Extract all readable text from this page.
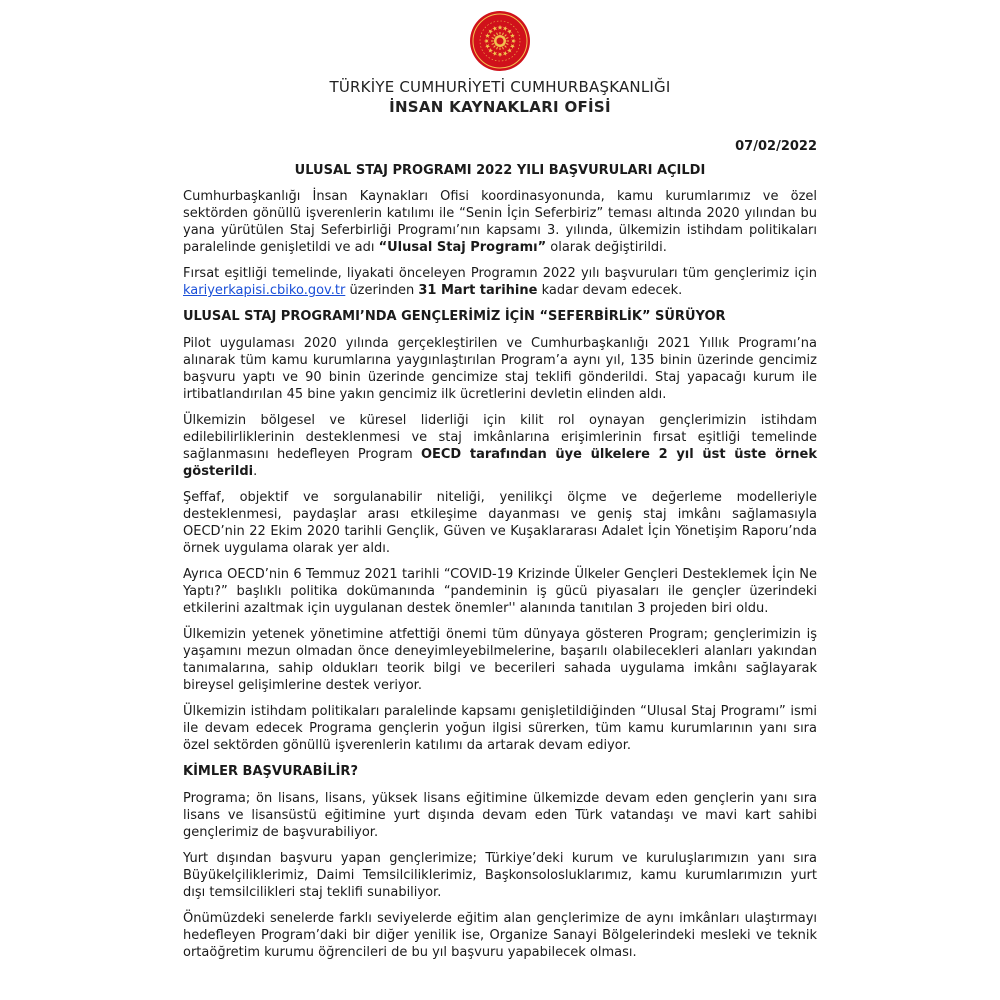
TÜRKİYE CUMHURİYETİ CUMHURBAŞKANLIĞI
İNSAN KAYNAKLARI OFİSİ
07/02/2022
ULUSAL STAJ PROGRAMI 2022 YILI BAŞVURULARI AÇILDI

Cumhurbaşkanlığı İnsan Kaynakları Ofisi koordinasyonunda, kamu kurumlarımız ve özel sektörden gönüllü işverenlerin katılımı ile “Senin İçin Seferbiriz” teması altında 2020 yılından bu yana yürütülen Staj Seferbirliği Programı’nın kapsamı 3. yılında, ülkemizin istihdam politikaları paralelinde genişletildi ve adı “Ulusal Staj Programı” olarak değiştirildi.

Fırsat eşitliği temelinde, liyakati önceleyen Programın 2022 yılı başvuruları tüm gençlerimiz için kariyerkapisi.cbiko.gov.tr üzerinden 31 Mart tarihine kadar devam edecek.

ULUSAL STAJ PROGRAMI’NDA GENÇLERİMİZ İÇİN “SEFERBİRLİK” SÜRÜYOR

Pilot uygulaması 2020 yılında gerçekleştirilen ve Cumhurbaşkanlığı 2021 Yıllık Programı’na alınarak tüm kamu kurumlarına yaygınlaştırılan Program’a aynı yıl, 135 binin üzerinde gencimiz başvuru yaptı ve 90 binin üzerinde gencimize staj teklifi gönderildi. Staj yapacağı kurum ile irtibatlandırılan 45 bine yakın gencimiz ilk ücretlerini devletin elinden aldı.

Ülkemizin bölgesel ve küresel liderliği için kilit rol oynayan gençlerimizin istihdam edilebilirliklerinin desteklenmesi ve staj imkânlarına erişimlerinin fırsat eşitliği temelinde sağlanmasını hedefleyen Program OECD tarafından üye ülkelere 2 yıl üst üste örnek gösterildi.

Şeffaf, objektif ve sorgulanabilir niteliği, yenilikçi ölçme ve değerleme modelleriyle desteklenmesi, paydaşlar arası etkileşime dayanması ve geniş staj imkânı sağlamasıyla OECD’nin 22 Ekim 2020 tarihli Gençlik, Güven ve Kuşaklararası Adalet İçin Yönetişim Raporu’nda örnek uygulama olarak yer aldı.

Ayrıca OECD’nin 6 Temmuz 2021 tarihli “COVID-19 Krizinde Ülkeler Gençleri Desteklemek İçin Ne Yaptı?” başlıklı politika dokümanında “pandeminin iş gücü piyasaları ile gençler üzerindeki etkilerini azaltmak için uygulanan destek önemler'' alanında tanıtılan 3 projeden biri oldu.

Ülkemizin yetenek yönetimine atfettiği önemi tüm dünyaya gösteren Program; gençlerimizin iş yaşamını mezun olmadan önce deneyimleyebilmelerine, başarılı olabilecekleri alanları yakından tanımalarına, sahip oldukları teorik bilgi ve becerileri sahada uygulama imkânı sağlayarak bireysel gelişimlerine destek veriyor.

Ülkemizin istihdam politikaları paralelinde kapsamı genişletildiğinden “Ulusal Staj Programı” ismi ile devam edecek Programa gençlerin yoğun ilgisi sürerken, tüm kamu kurumlarının yanı sıra özel sektörden gönüllü işverenlerin katılımı da artarak devam ediyor.

KİMLER BAŞVURABİLİR?

Programa; ön lisans, lisans, yüksek lisans eğitimine ülkemizde devam eden gençlerin yanı sıra lisans ve lisansüstü eğitimine yurt dışında devam eden Türk vatandaşı ve mavi kart sahibi gençlerimiz de başvurabiliyor.

Yurt dışından başvuru yapan gençlerimize; Türkiye’deki kurum ve kuruluşlarımızın yanı sıra Büyükelçiliklerimiz, Daimi Temsilciliklerimiz, Başkonsolosluklarımız, kamu kurumlarımızın yurt dışı temsilcilikleri staj teklifi sunabiliyor.

Önümüzdeki senelerde farklı seviyelerde eğitim alan gençlerimize de aynı imkânları ulaştırmayı hedefleyen Program’daki bir diğer yenilik ise, Organize Sanayi Bölgelerindeki mesleki ve teknik ortaöğretim kurumu öğrencileri de bu yıl başvuru yapabilecek olması.
